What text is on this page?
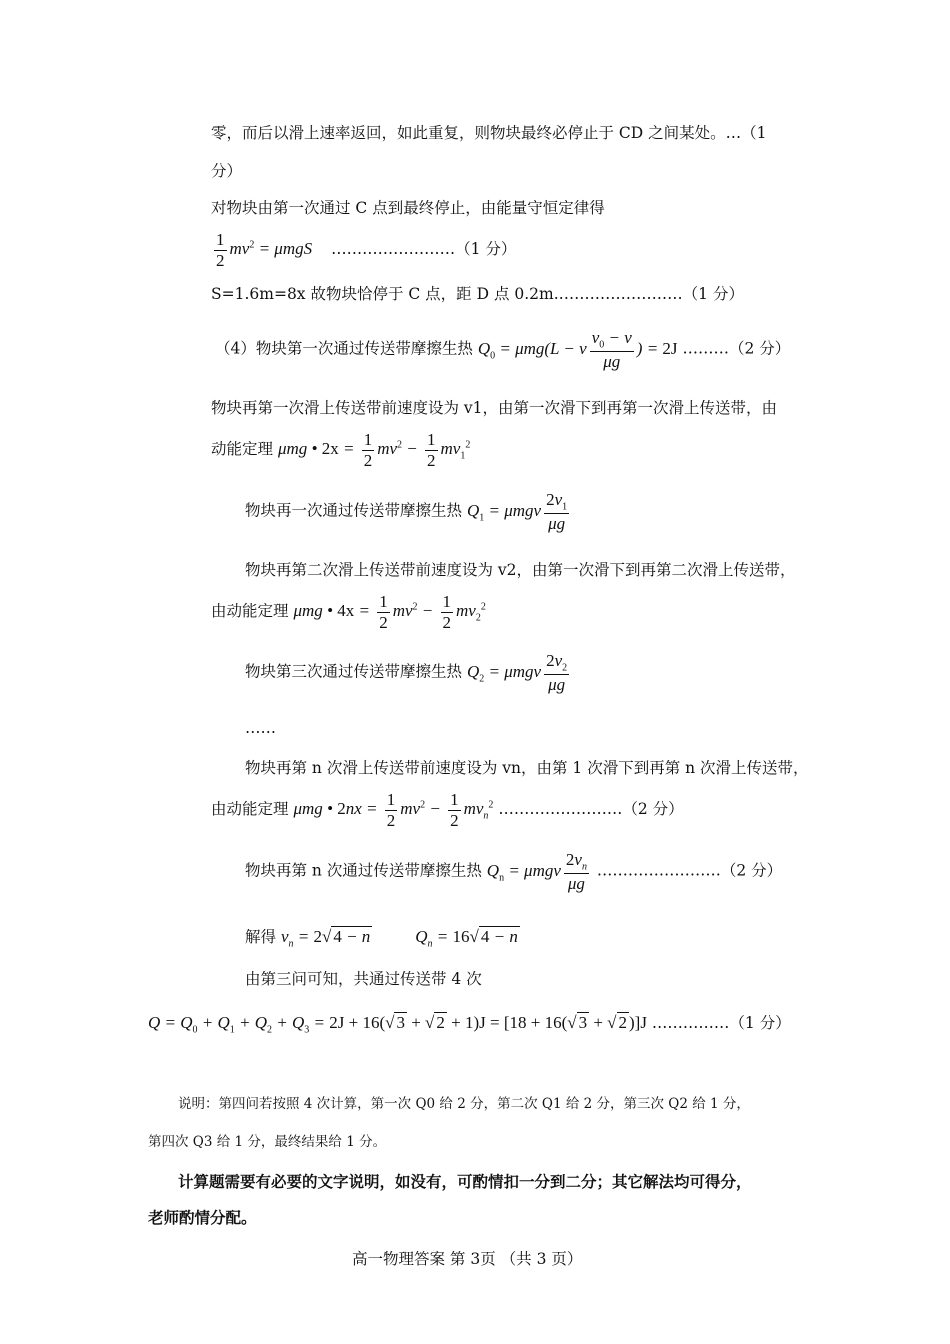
零，而后以滑上速率返回，如此重复，则物块最终必停止于 CD 之间某处。…（1
分）
对物块由第一次通过 C 点到最终停止，由能量守恒定律得
$\frac{1}{2} mv^2 = \mu mgS$ ……………………（1 分）
S=1.6m=8x 故物块恰停于 C 点，距 D 点 0.2m.……………………（1 分）
（4）物块第一次通过传送带摩擦生热 $Q_0 = \mu mg(L - v \frac{v_0 - v}{\mu g}$ ) = 2J ………（2 分）
物块再第一次滑上传送带前速度设为 v1，由第一次滑下到再第一次滑上传送带，由
动能定理 μmg • $2x = \frac{1}{2} mv^2 - \frac{1}{2} mv_1^2$
物块再一次通过传送带摩擦生热 $Q_1 = \mu mgv \frac{2v_1}{\mu g}$
物块再第二次滑上传送带前速度设为 v2，由第一次滑下到再第二次滑上传送带，
由动能定理 μmg • $4x = \frac{1}{2} mv^2 - \frac{1}{2} mv_2^2$
物块第三次通过传送带摩擦生热 $Q_2 = \mu mgv \frac{2v_2}{\mu g}$
……
物块再第 n 次滑上传送带前速度设为 vn，由第 1 次滑下到再第 n 次滑上传送带，
由动能定理 μmg • $2nx = \frac{1}{2} mv^2 - \frac{1}{2} mv_n^2$ ……………………（2 分）
物块再第 n 次通过传送带摩擦生热 $Q_n = \mu mgv \frac{2v_n}{\mu g}$ ……………………（2 分）
解得 $v_n = 2√$ 4 − n	$Q_n = 16√$ 4 − n
由第三问可知，共通过传送带 4 次
$Q = Q_0 + Q_1 + Q_2 + Q_3 = 2J + 16(√$ 3 + √ 2 + 1)J = [18 + 16(√ 3 + √ 2 )]J ……………（1 分）
说明：第四问若按照 4 次计算，第一次 Q0 给 2 分，第二次 Q1 给 2 分，第三次 Q2 给 1 分，
第四次 Q3 给 1 分，最终结果给 1 分。
计算题需要有必要的文字说明，如没有，可酌情扣一分到二分；其它解法均可得分，
老师酌情分配。
高一物理答案 第 3页 （共 3 页）
